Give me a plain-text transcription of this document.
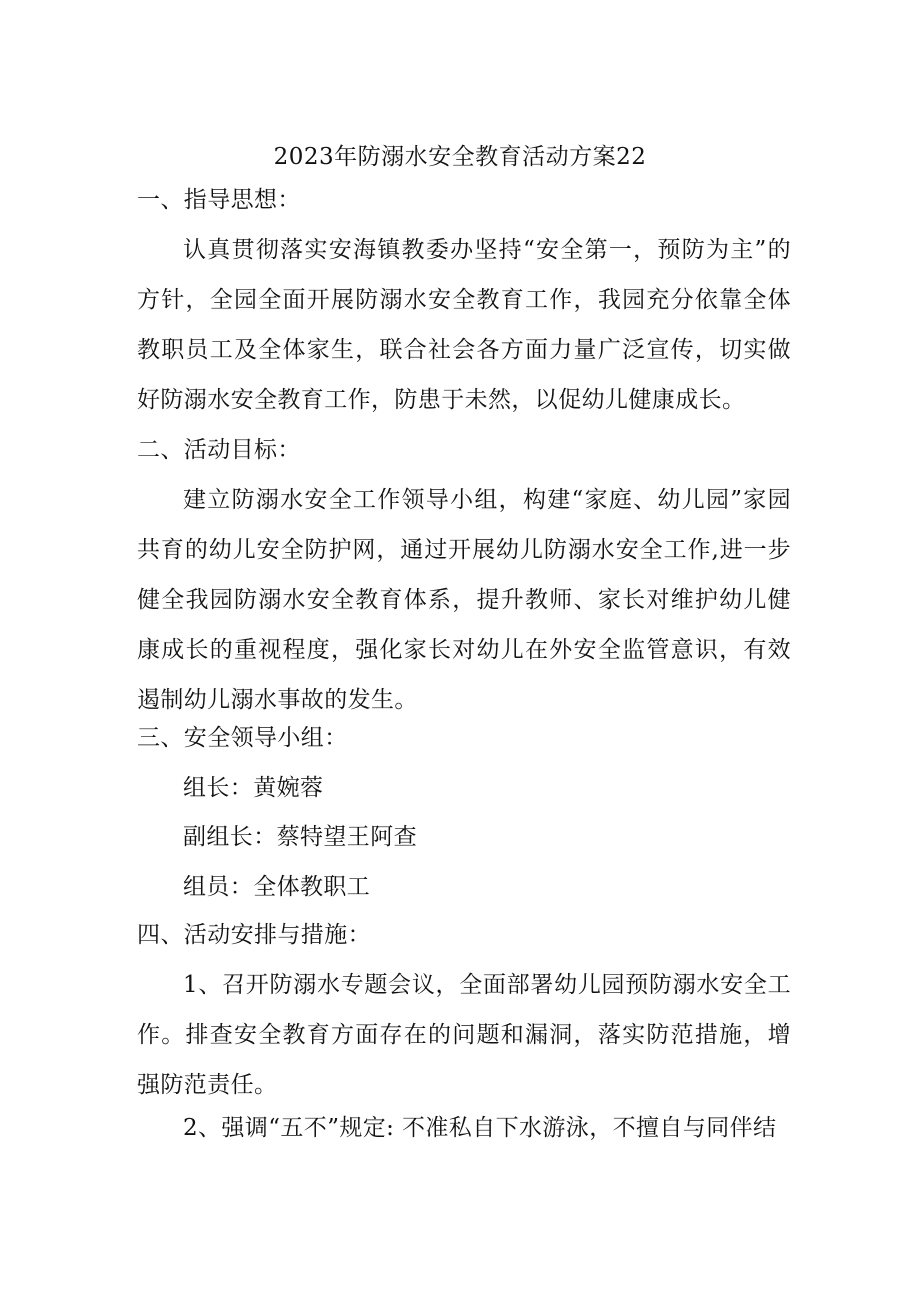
2023年防溺水安全教育活动方案22
一、指导思想：
认真贯彻落实安海镇教委办坚持“安全第一，预防为主”的方针，全园全面开展防溺水安全教育工作，我园充分依靠全体教职员工及全体家生，联合社会各方面力量广泛宣传，切实做好防溺水安全教育工作，防患于未然，以促幼儿健康成长。
二、活动目标：
建立防溺水安全工作领导小组，构建“家庭、幼儿园”家园共育的幼儿安全防护网，通过开展幼儿防溺水安全工作,进一步健全我园防溺水安全教育体系，提升教师、家长对维护幼儿健康成长的重视程度，强化家长对幼儿在外安全监管意识，有效遏制幼儿溺水事故的发生。
三、安全领导小组：
组长：黄婉蓉
副组长：蔡特望王阿查
组员：全体教职工
四、活动安排与措施：
1、召开防溺水专题会议，全面部署幼儿园预防溺水安全工作。排查安全教育方面存在的问题和漏洞，落实防范措施，增强防范责任。
2、强调“五不”规定: 不准私自下水游泳，不擅自与同伴结
